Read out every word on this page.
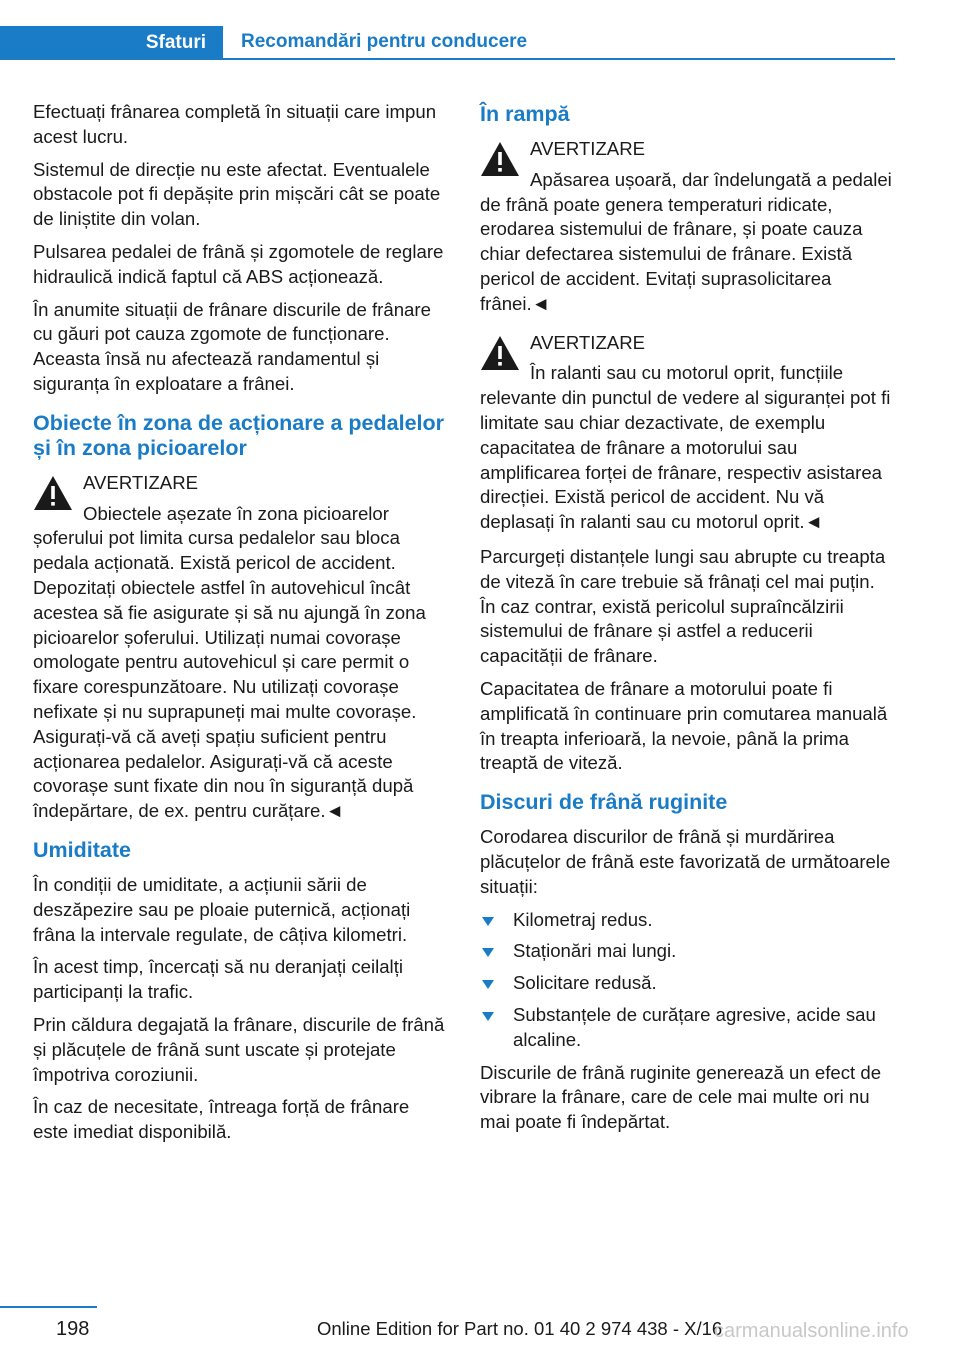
Sfaturi Recomandări pentru conducere

Efectuați frânarea completă în situații care impun acest lucru.

Sistemul de direcție nu este afectat. Eventualele obstacole pot fi depășite prin mișcări cât se poate de liniștite din volan.

Pulsarea pedalei de frână și zgomotele de reglare hidraulică indică faptul că ABS acționează.

În anumite situații de frânare discurile de frânare cu găuri pot cauza zgomote de funcționare. Aceasta însă nu afectează randamentul și siguranța în exploatare a frânei.

Obiecte în zona de acționare a pedalelor și în zona picioarelor
AVERTIZARE
Obiectele așezate în zona picioarelor șoferului pot limita cursa pedalelor sau bloca pedala acționată. Există pericol de accident. Depozitați obiectele astfel în autovehicul încât acestea să fie asigurate și să nu ajungă în zona picioarelor șoferului. Utilizați numai covorașe omologate pentru autovehicul și care permit o fixare corespunzătoare. Nu utilizați covorașe nefixate și nu suprapuneți mai multe covorașe. Asigurați-vă că aveți spațiu suficient pentru acționarea pedalelor. Asigurați-vă că aceste covorașe sunt fixate din nou în siguranță după îndepărtare, de ex. pentru curățare.◄
Umiditate

În condiții de umiditate, a acțiunii sării de deszăpezire sau pe ploaie puternică, acționați frâna la intervale regulate, de câțiva kilometri.

În acest timp, încercați să nu deranjați ceilalți participanți la trafic.

Prin căldura degajată la frânare, discurile de frână și plăcuțele de frână sunt uscate și protejate împotriva coroziunii.

În caz de necesitate, întreaga forță de frânare este imediat disponibilă.

În rampă
AVERTIZARE
Apăsarea ușoară, dar îndelungată a pedalei de frână poate genera temperaturi ridicate, erodarea sistemului de frânare, și poate cauza chiar defectarea sistemului de frânare. Există pericol de accident. Evitați suprasolicitarea frânei.◄
AVERTIZARE
În ralanti sau cu motorul oprit, funcțiile relevante din punctul de vedere al siguranței pot fi limitate sau chiar dezactivate, de exemplu capacitatea de frânare a motorului sau amplificarea forței de frânare, respectiv asistarea direcției. Există pericol de accident. Nu vă deplasați în ralanti sau cu motorul oprit.◄

Parcurgeți distanțele lungi sau abrupte cu treapta de viteză în care trebuie să frânați cel mai puțin. În caz contrar, există pericolul supraîncălzirii sistemului de frânare și astfel a reducerii capacității de frânare.

Capacitatea de frânare a motorului poate fi amplificată în continuare prin comutarea manuală în treapta inferioară, la nevoie, până la prima treaptă de viteză.

Discuri de frână ruginite

Corodarea discurilor de frână și murdărirea plăcuțelor de frână este favorizată de următoarele situații:

Kilometraj redus.
Staționări mai lungi.
Solicitare redusă.
Substanțele de curățare agresive, acide sau alcaline.

Discurile de frână ruginite generează un efect de vibrare la frânare, care de cele mai multe ori nu mai poate fi îndepărtat.

198	Online Edition for Part no. 01 40 2 974 438 - X/16
carmanualsonline.info
